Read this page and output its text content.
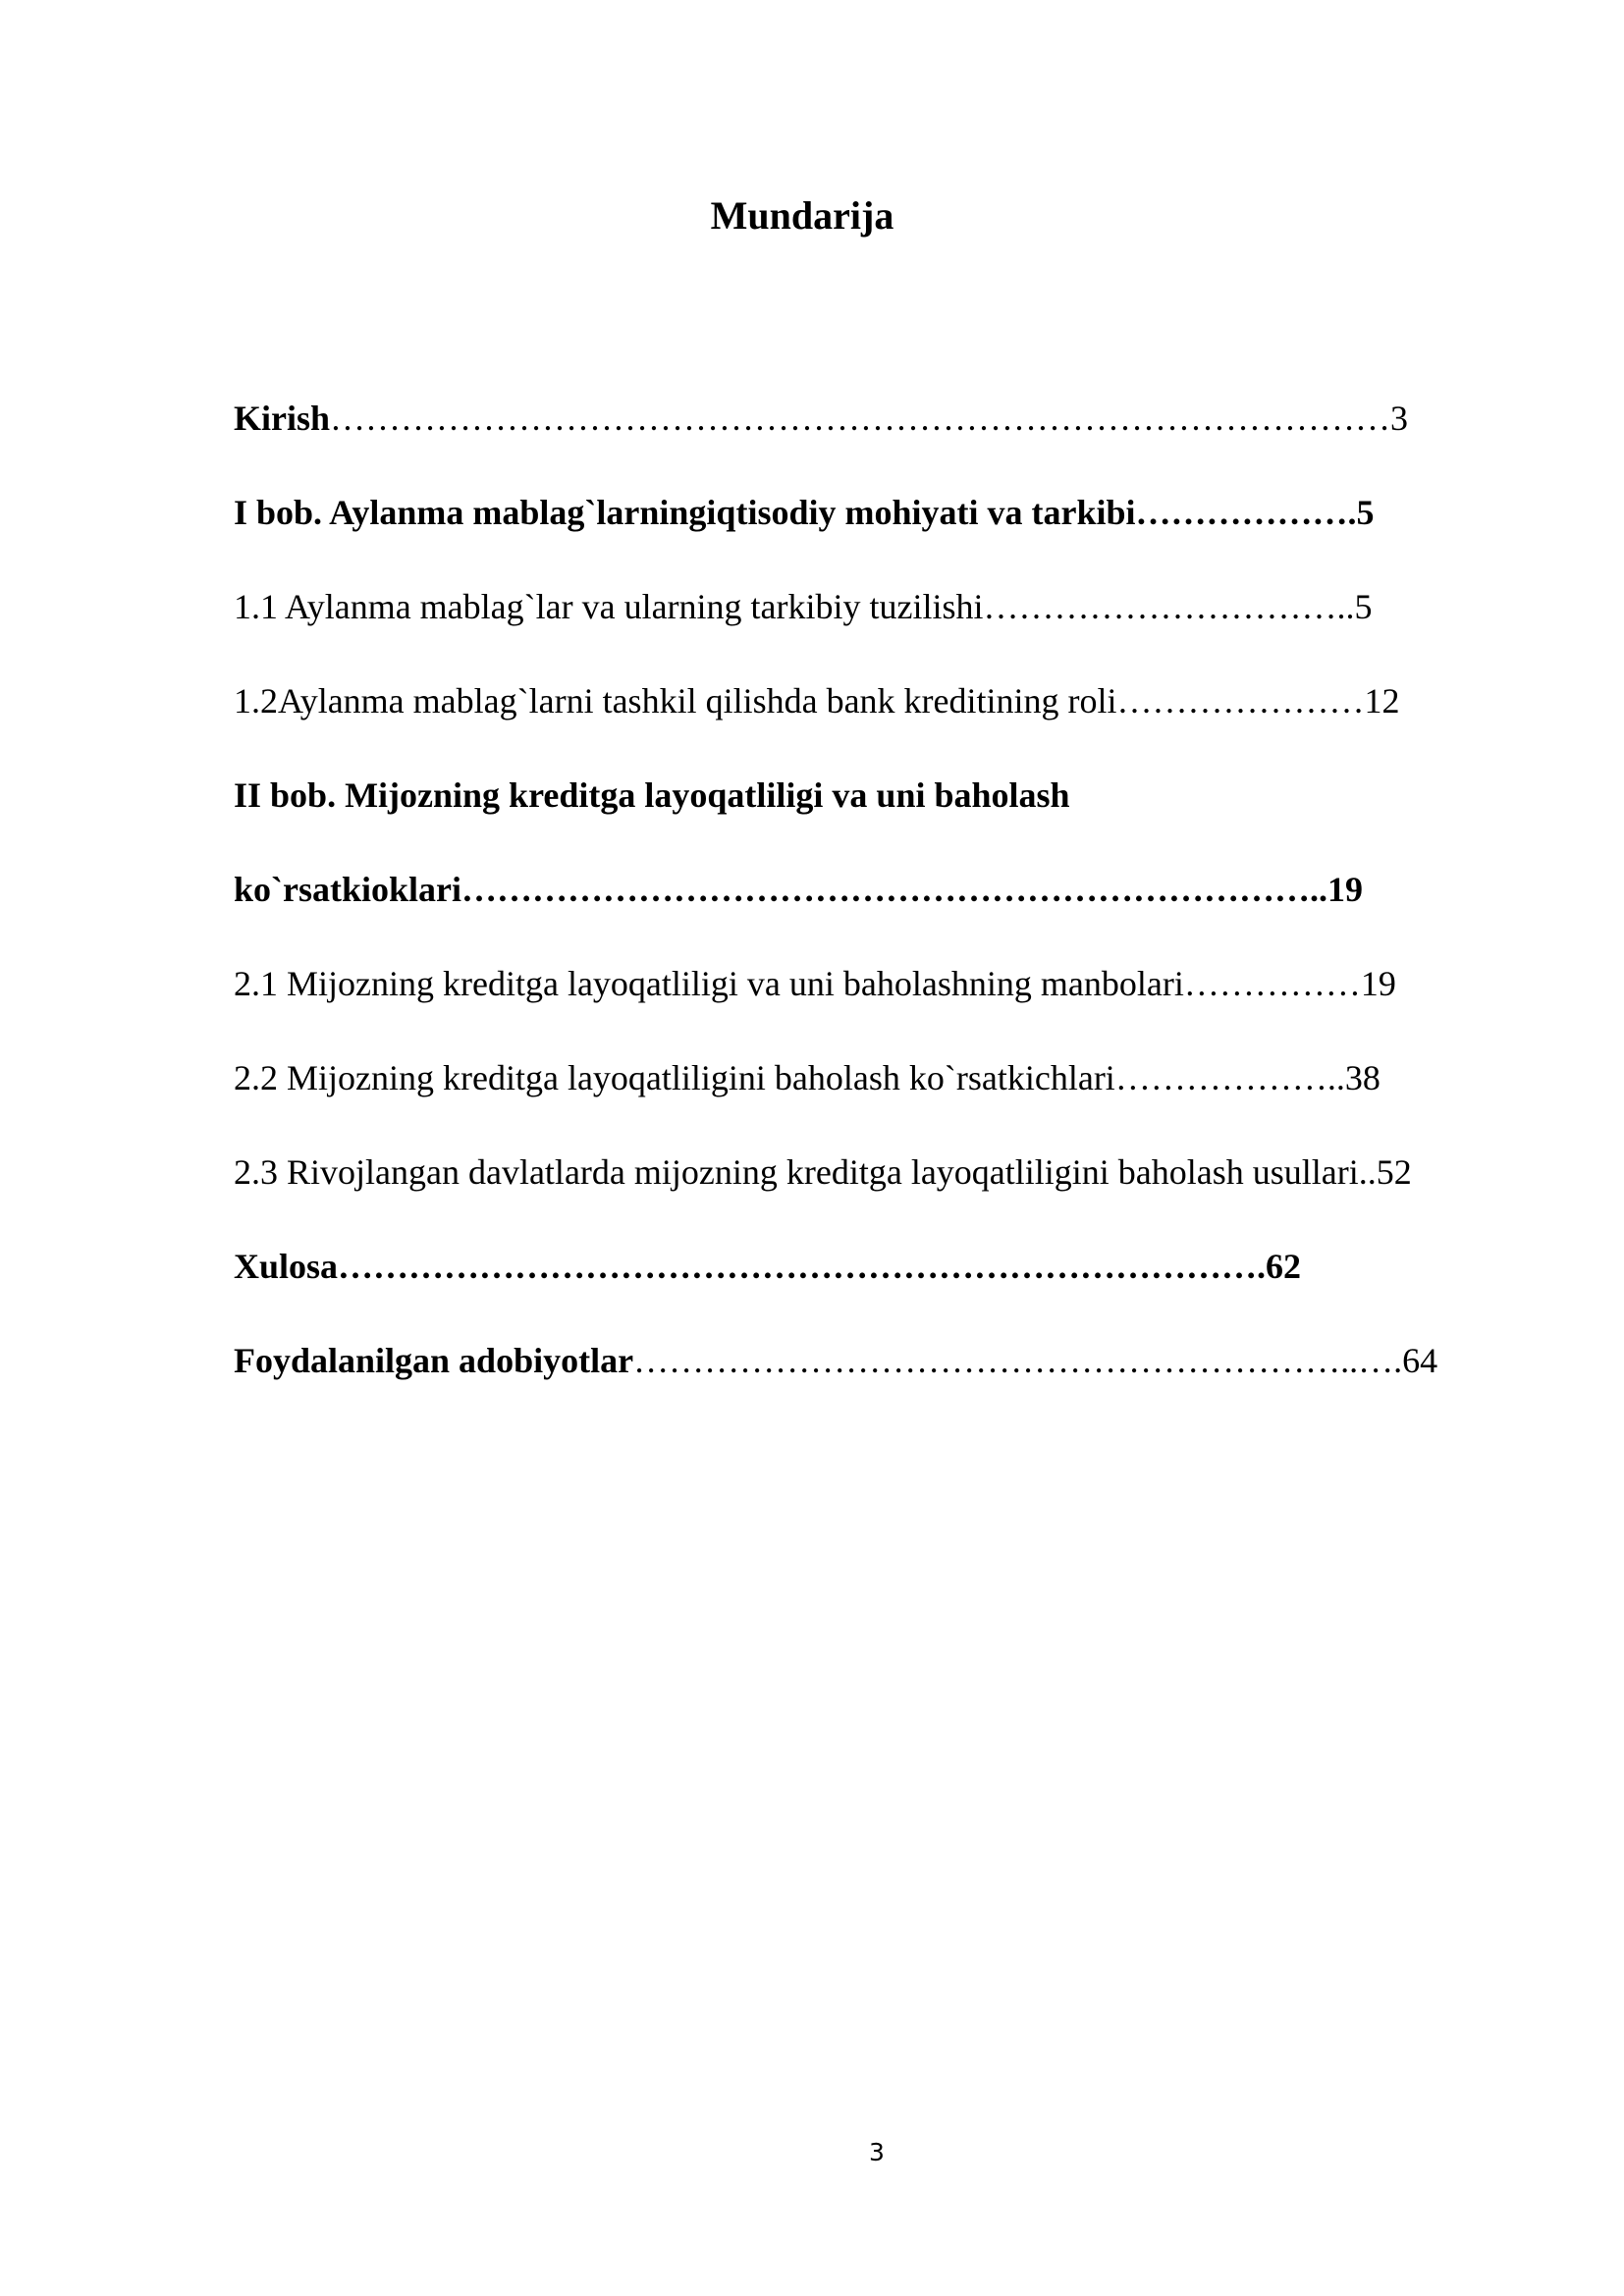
Mundarija
Kirish………………………………………………………………………………3
I bob. Aylanma mablag`larningiqtisodiy mohiyati va tarkibi……………….5
1.1 Aylanma mablag`lar va ularning tarkibiy tuzilishi…………………………..5
1.2Aylanma mablag`larni tashkil qilishda bank kreditining roli…………………12
II bob. Mijozning kreditga layoqatliligi va uni baholash
ko`rsatkioklari………………………………………………………………..19
2.1 Mijozning kreditga layoqatliligi va uni baholashning manbolari……………19
2.2 Mijozning kreditga layoqatliligini baholash ko`rsatkichlari………………..38
2.3 Rivojlangan davlatlarda mijozning kreditga layoqatliligini baholash usullari..52
Xulosa…………………………………………………………………….62
Foydalanilgan adobiyotlar……………………………………………………..….64
3
